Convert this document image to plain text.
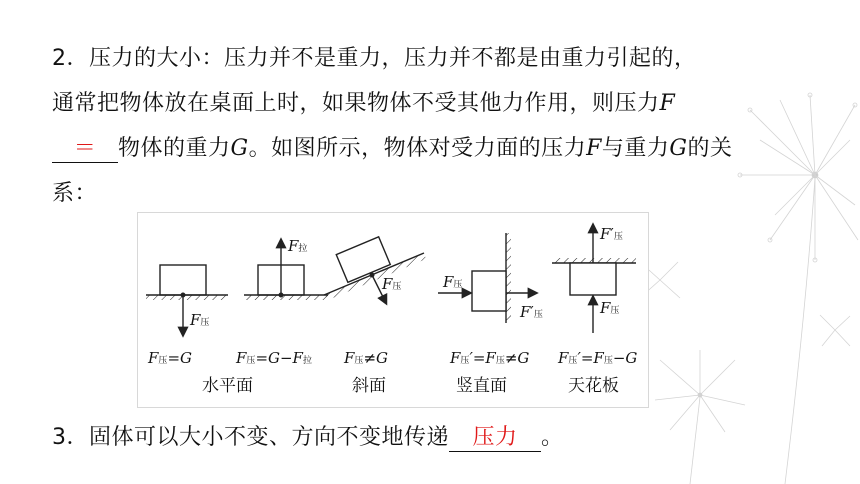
2．压力的大小：压力并不是重力，压力并不都是由重力引起的，
通常把物体放在桌面上时，如果物体不受其他力作用，则压力F
＝ 物体的重力G。如图所示，物体对受力面的压力F与重力G的关
系：
F压
F拉
F压	F压
F′压
F′压
F压
F压=G	F压=G−F拉 F压≠G	F压′=F压≠G F压′=F压−G
水平面	斜面	竖直面	天花板
3．固体可以大小不变、方向不变地传递 压力 。
